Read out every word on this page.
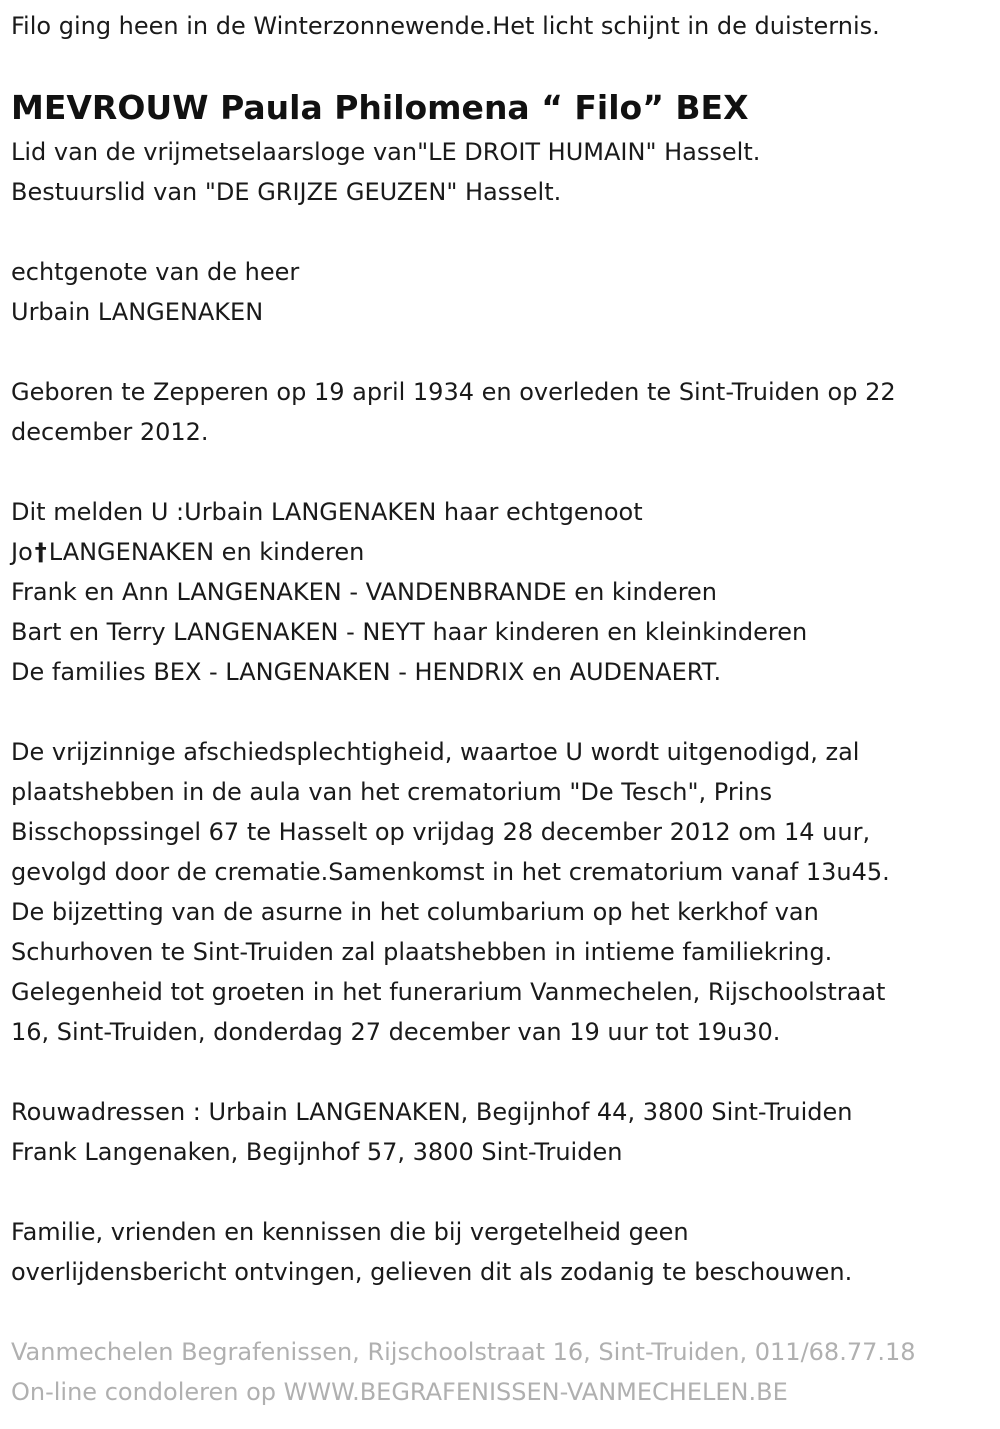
Filo ging heen in de Winterzonnewende.Het licht schijnt in de duisternis.
MEVROUW Paula Philomena “ Filo” BEX
Lid van de vrijmetselaarsloge van"LE DROIT HUMAIN" Hasselt.
Bestuurslid van "DE GRIJZE GEUZEN" Hasselt.
echtgenote van de heer
Urbain LANGENAKEN
Geboren te Zepperen op 19 april 1934 en overleden te Sint-Truiden op 22
december 2012.
Dit melden U :Urbain LANGENAKEN haar echtgenoot
Jo†LANGENAKEN en kinderen
Frank en Ann LANGENAKEN - VANDENBRANDE en kinderen
Bart en Terry LANGENAKEN - NEYT haar kinderen en kleinkinderen
De families BEX - LANGENAKEN - HENDRIX en AUDENAERT.
De vrijzinnige afschiedsplechtigheid, waartoe U wordt uitgenodigd, zal
plaatshebben in de aula van het crematorium "De Tesch", Prins
Bisschopssingel 67 te Hasselt op vrijdag 28 december 2012 om 14 uur,
gevolgd door de crematie.Samenkomst in het crematorium vanaf 13u45.
De bijzetting van de asurne in het columbarium op het kerkhof van
Schurhoven te Sint-Truiden zal plaatshebben in intieme familiekring.
Gelegenheid tot groeten in het funerarium Vanmechelen, Rijschoolstraat
16, Sint-Truiden, donderdag 27 december van 19 uur tot 19u30.
Rouwadressen : Urbain LANGENAKEN, Begijnhof 44, 3800 Sint-Truiden
Frank Langenaken, Begijnhof 57, 3800 Sint-Truiden
Familie, vrienden en kennissen die bij vergetelheid geen
overlijdensbericht ontvingen, gelieven dit als zodanig te beschouwen.
Vanmechelen Begrafenissen, Rijschoolstraat 16, Sint-Truiden, 011/68.77.18
On-line condoleren op WWW.BEGRAFENISSEN-VANMECHELEN.BE
